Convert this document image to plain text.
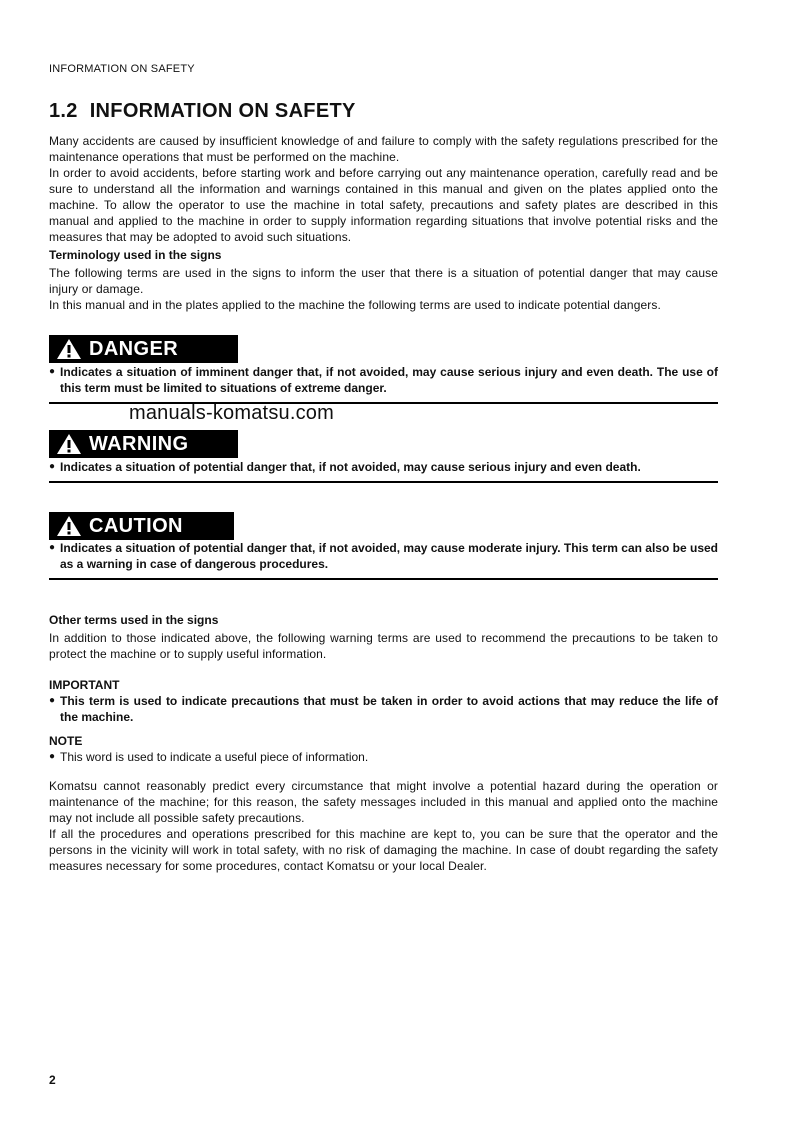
INFORMATION ON SAFETY
1.2 INFORMATION ON SAFETY

Many accidents are caused by insufficient knowledge of and failure to comply with the safety regulations prescribed for the maintenance operations that must be performed on the machine.

In order to avoid accidents, before starting work and before carrying out any maintenance operation, carefully read and be sure to understand all the information and warnings contained in this manual and given on the plates applied onto the machine. To allow the operator to use the machine in total safety, precautions and safety plates are described in this manual and applied to the machine in order to supply information regarding situations that involve potential risks and the measures that may be adopted to avoid such situations.

Terminology used in the signs

The following terms are used in the signs to inform the user that there is a situation of potential danger that may cause injury or damage.

In this manual and in the plates applied to the machine the following terms are used to indicate potential dangers.

DANGER

● Indicates a situation of imminent danger that, if not avoided, may cause serious injury and even death. The use of this term must be limited to situations of extreme danger.

manuals-komatsu.com
WARNING

● Indicates a situation of potential danger that, if not avoided, may cause serious injury and even death.

CAUTION

● Indicates a situation of potential danger that, if not avoided, may cause moderate injury. This term can also be used as a warning in case of dangerous procedures.

Other terms used in the signs

In addition to those indicated above, the following warning terms are used to recommend the precautions to be taken to protect the machine or to supply useful information.

IMPORTANT

● This term is used to indicate precautions that must be taken in order to avoid actions that may reduce the life of the machine.

NOTE

● This word is used to indicate a useful piece of information.

Komatsu cannot reasonably predict every circumstance that might involve a potential hazard during the operation or maintenance of the machine; for this reason, the safety messages included in this manual and applied onto the machine may not include all possible safety precautions.

If all the procedures and operations prescribed for this machine are kept to, you can be sure that the operator and the persons in the vicinity will work in total safety, with no risk of damaging the machine. In case of doubt regarding the safety measures necessary for some procedures, contact Komatsu or your local Dealer.

2
